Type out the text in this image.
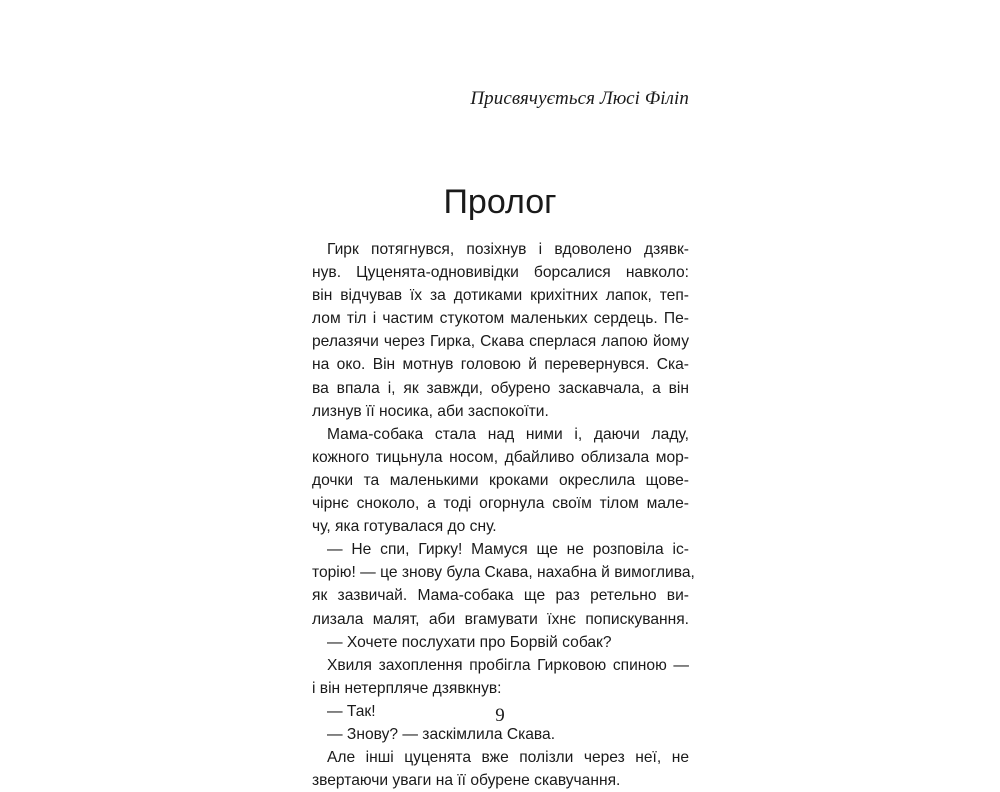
Присвячується Люсі Філіп

Пролог
Гирк потягнувся, позіхнув і вдоволено дзявк-
нув. Цуценята-одновивідки борсалися навколо:
він відчував їх за дотиками крихітних лапок, теп-
лом тіл і частим стукотом маленьких сердець. Пе-
релазячи через Гирка, Скава сперлася лапою йому
на око. Він мотнув головою й перевернувся. Ска-
ва впала і, як завжди, обурено заскавчала, а він
лизнув її носика, аби заспокоїти.
Мама-собака стала над ними і, даючи ладу,
кожного тицьнула носом, дбайливо облизала мор-
дочки та маленькими кроками окреслила щове-
чірнє сноколо, а тоді огорнула своїм тілом мале-
чу, яка готувалася до сну.
— Не спи, Гирку! Мамуся ще не розповіла іс-
торію! — це знову була Скава, нахабна й вимоглива,
як зазвичай. Мама-собака ще раз ретельно ви-
лизала малят, аби вгамувати їхнє попискування.
— Хочете послухати про Борвій собак?
Хвиля захоплення пробігла Гирковою спиною —
і він нетерпляче дзявкнув:
— Так!
— Знову? — заскімлила Скава.
Але інші цуценята вже полізли через неї, не
звертаючи уваги на її обурене скавучання.

9
